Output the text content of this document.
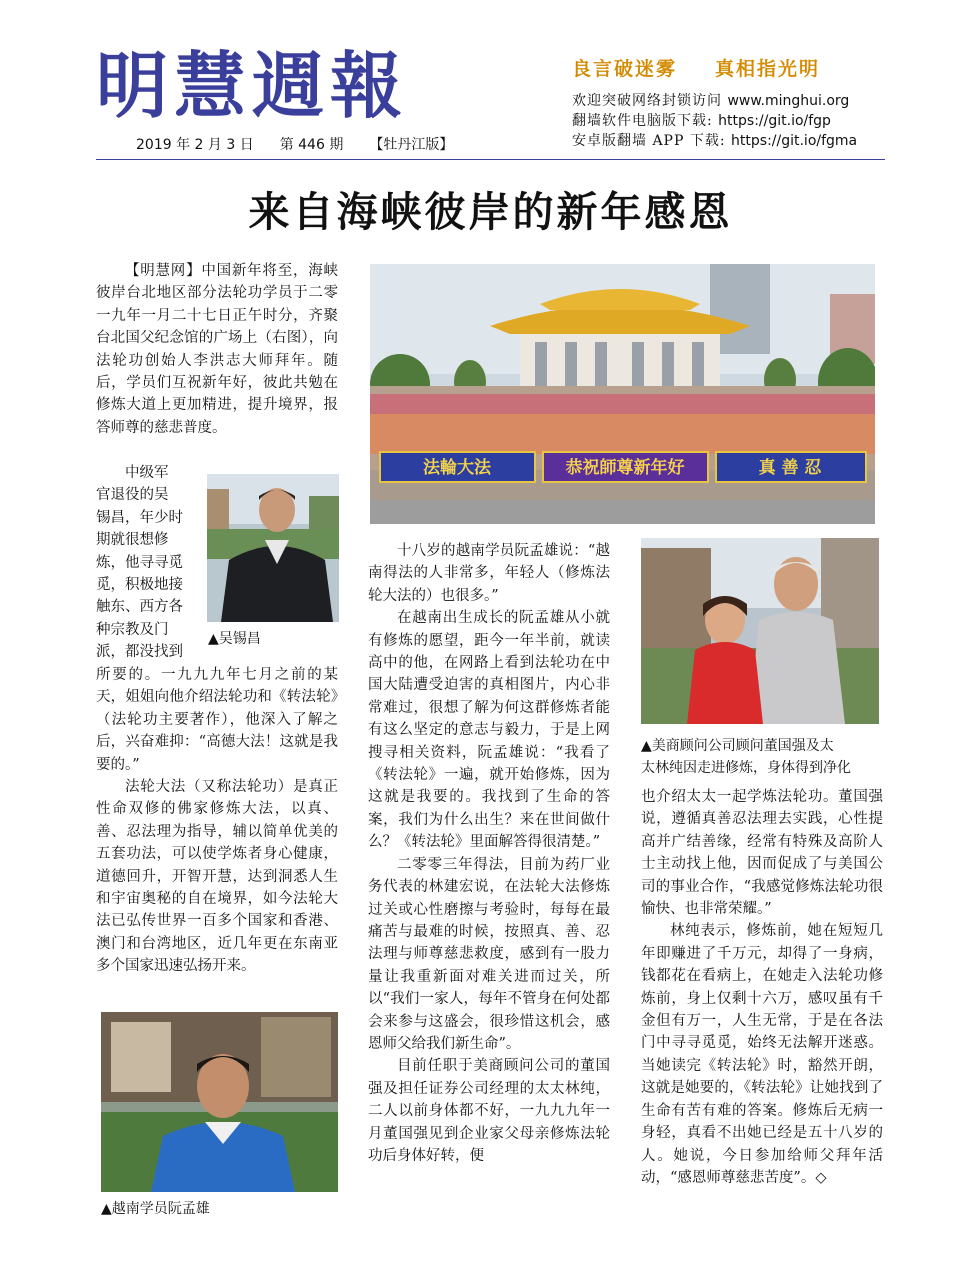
明慧週報	良言破迷雾 真相指光明
欢迎突破网络封锁访问 www.minghui.org
翻墙软件电脑版下载: https://git.io/fgp
安卓版翻墙 APP 下载: https://git.io/fgma
2019 年 2 月 3 日 第 446 期 【牡丹江版】
来自海峡彼岸的新年感恩

【明慧网】中国新年将至，海峡彼岸台北地区部分法轮功学员于二零一九年一月二十七日正午时分，齐聚台北国父纪念馆的广场上（右图），向法轮功创始人李洪志大师拜年。随后，学员们互祝新年好，彼此共勉在修炼大道上更加精进，提升境界，报答师尊的慈悲普度。

中级军
官退役的吴
锡昌，年少时
期就很想修
炼，他寻寻觅
觅，积极地接
触东、西方各
种宗教及门
派，都没找到
▲吴锡昌

所要的。一九九九年七月之前的某天，姐姐向他介绍法轮功和《转法轮》（法轮功主要著作），他深入了解之后，兴奋难抑：“高德大法！这就是我要的。”

法轮大法（又称法轮功）是真正性命双修的佛家修炼大法，以真、善、忍法理为指导，辅以简单优美的五套功法，可以使学炼者身心健康，道德回升，开智开慧，达到洞悉人生和宇宙奥秘的自在境界，如今法轮大法已弘传世界一百多个国家和香港、澳门和台湾地区，近几年更在东南亚多个国家迅速弘扬开来。

▲越南学员阮孟雄
法輪大法	恭祝師尊新年好	真 善 忍

十八岁的越南学员阮孟雄说：“越南得法的人非常多，年轻人（修炼法轮大法的）也很多。”

在越南出生成长的阮孟雄从小就有修炼的愿望，距今一年半前，就读高中的他，在网路上看到法轮功在中国大陆遭受迫害的真相图片，内心非常难过，很想了解为何这群修炼者能有这么坚定的意志与毅力，于是上网搜寻相关资料，阮孟雄说：“我看了《转法轮》一遍，就开始修炼，因为这就是我要的。我找到了生命的答案，我们为什么出生？来在世间做什么？《转法轮》里面解答得很清楚。”

二零零三年得法，目前为药厂业务代表的林建宏说，在法轮大法修炼过关或心性磨擦与考验时，每每在最痛苦与最难的时候，按照真、善、忍法理与师尊慈悲救度，感到有一股力量让我重新面对难关进而过关，所以“我们一家人，每年不管身在何处都会来参与这盛会，很珍惜这机会，感恩师父给我们新生命”。

目前任职于美商顾问公司的董国强及担任证券公司经理的太太林纯，二人以前身体都不好，一九九九年一月董国强见到企业家父母亲修炼法轮功后身体好转，便

▲美商顾问公司顾问董国强及太
太林纯因走进修炼，身体得到净化

也介绍太太一起学炼法轮功。董国强说，遵循真善忍法理去实践，心性提高并广结善缘，经常有特殊及高阶人士主动找上他，因而促成了与美国公司的事业合作，“我感觉修炼法轮功很愉快、也非常荣耀。”

林纯表示，修炼前，她在短短几年即赚进了千万元，却得了一身病，钱都花在看病上，在她走入法轮功修炼前，身上仅剩十六万，感叹虽有千金但有万一，人生无常，于是在各法门中寻寻觅觅，始终无法解开迷惑。当她读完《转法轮》时，豁然开朗，这就是她要的，《转法轮》让她找到了生命有苦有难的答案。修炼后无病一身轻，真看不出她已经是五十八岁的人。她说，今日参加给师父拜年活动，“感恩师尊慈悲苦度”。◇
